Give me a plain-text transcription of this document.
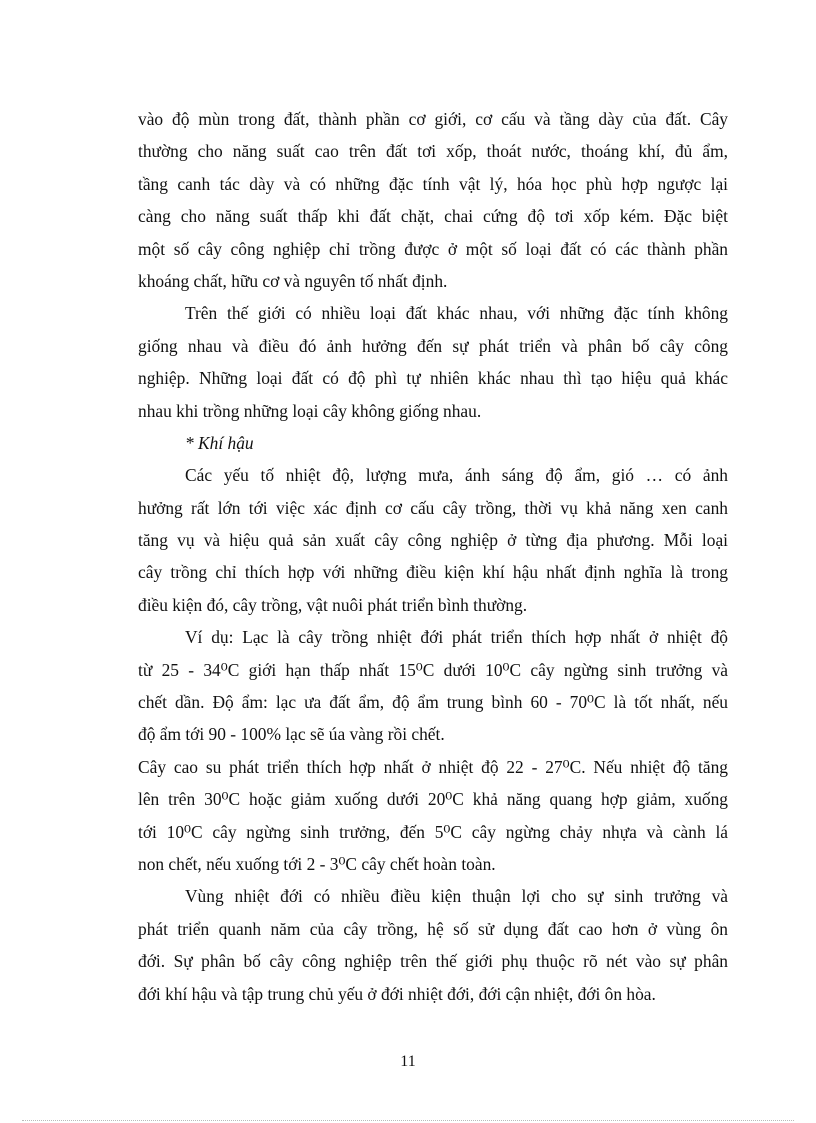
vào độ mùn trong đất, thành phần cơ giới, cơ cấu và tầng dày của đất. Cây
thường cho năng suất cao trên đất tơi xốp, thoát nước, thoáng khí, đủ ẩm,
tầng canh tác dày và có những đặc tính vật lý, hóa học phù hợp ngược lại
càng cho năng suất thấp khi đất chặt, chai cứng độ tơi xốp kém. Đặc biệt
một số cây công nghiệp chỉ trồng được ở một số loại đất có các thành phần
khoáng chất, hữu cơ và nguyên tố nhất định.
Trên thế giới có nhiều loại đất khác nhau, với những đặc tính không
giống nhau và điều đó ảnh hưởng đến sự phát triển và phân bố cây công
nghiệp. Những loại đất có độ phì tự nhiên khác nhau thì tạo hiệu quả khác
nhau khi trồng những loại cây không giống nhau.
* Khí hậu
Các yếu tố nhiệt độ, lượng mưa, ánh sáng độ ẩm, gió … có ảnh
hưởng rất lớn tới việc xác định cơ cấu cây trồng, thời vụ khả năng xen canh
tăng vụ và hiệu quả sản xuất cây công nghiệp ở từng địa phương. Mỗi loại
cây trồng chỉ thích hợp với những điều kiện khí hậu nhất định nghĩa là trong
điều kiện đó, cây trồng, vật nuôi phát triển bình thường.
Ví dụ: Lạc là cây trồng nhiệt đới phát triển thích hợp nhất ở nhiệt độ
từ 25 - 34⁰C giới hạn thấp nhất 15⁰C dưới 10⁰C cây ngừng sinh trưởng và
chết dần. Độ ẩm: lạc ưa đất ẩm, độ ẩm trung bình 60 - 70⁰C là tốt nhất, nếu
độ ẩm tới 90 - 100% lạc sẽ úa vàng rồi chết.
Cây cao su phát triển thích hợp nhất ở nhiệt độ 22 - 27⁰C. Nếu nhiệt độ tăng
lên trên 30⁰C hoặc giảm xuống dưới 20⁰C khả năng quang hợp giảm, xuống
tới 10⁰C cây ngừng sinh trưởng, đến 5⁰C cây ngừng chảy nhựa và cành lá
non chết, nếu xuống tới 2 - 3⁰C cây chết hoàn toàn.
Vùng nhiệt đới có nhiều điều kiện thuận lợi cho sự sinh trưởng và
phát triển quanh năm của cây trồng, hệ số sử dụng đất cao hơn ở vùng ôn
đới. Sự phân bố cây công nghiệp trên thế giới phụ thuộc rõ nét vào sự phân
đới khí hậu và tập trung chủ yếu ở đới nhiệt đới, đới cận nhiệt, đới ôn hòa.
11
